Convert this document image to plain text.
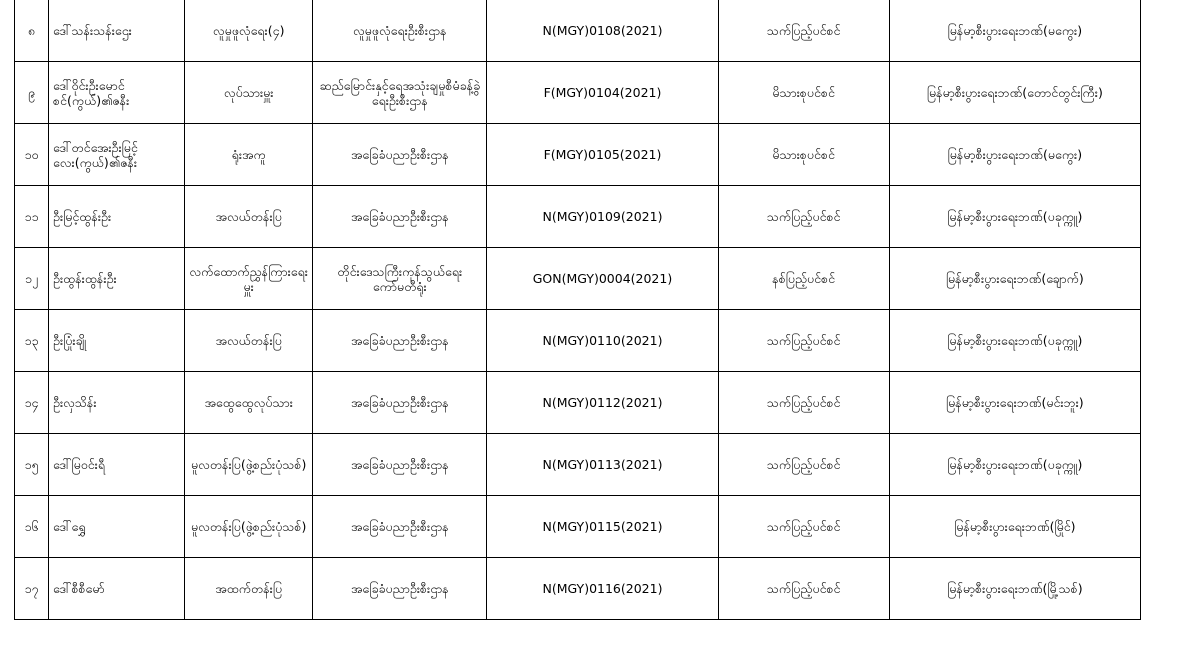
၈	ဒေါ်သန်းသန်းဌေး	လူမှုဖူလုံရေး(၄)	လူမှုဖူလုံရေးဦးစီးဌာန	N(MGY)0108(2021)	သက်ပြည့်ပင်စင်	မြန်မာ့စီးပွားရေးဘဏ်(မကွေး)
၉	ဒေါ်ဝိုင်းဦးမောင်စင်(ကွယ်)၏ဇနီး	လုပ်သားမှူး	ဆည်မြောင်းနှင့်ရေအသုံးချမှုစီမံခန့်ခွဲရေးဦးစီးဌာန	F(MGY)0104(2021)	မိသားစုပင်စင်	မြန်မာ့စီးပွားရေးဘဏ်(တောင်တွင်းကြီး)
၁၀	ဒေါ်တင်အေးဦးမြင့်လေး(ကွယ်)၏ဇနီး	ရုံးအကူ	အခြေခံပညာဦးစီးဌာန	F(MGY)0105(2021)	မိသားစုပင်စင်	မြန်မာ့စီးပွားရေးဘဏ်(မကွေး)
၁၁	ဦးမြင့်ထွန်းဦး	အလယ်တန်းပြ	အခြေခံပညာဦးစီးဌာန	N(MGY)0109(2021)	သက်ပြည့်ပင်စင်	မြန်မာ့စီးပွားရေးဘဏ်(ပခုက္ကူ)
၁၂	ဦးထွန်းထွန်းဦး	လက်ထောက်ညွှန်ကြားရေးမှူး	တိုင်းဒေသကြီးကုန်သွယ်ရေးကော်မတီရုံး	GON(MGY)0004(2021)	နစ်ပြည့်ပင်စင်	မြန်မာ့စီးပွားရေးဘဏ်(ချောက်)
၁၃	ဦးပြုံးချို	အလယ်တန်းပြ	အခြေခံပညာဦးစီးဌာန	N(MGY)0110(2021)	သက်ပြည့်ပင်စင်	မြန်မာ့စီးပွားရေးဘဏ်(ပခုက္ကူ)
၁၄	ဦးလှသိန်း	အထွေထွေလုပ်သား	အခြေခံပညာဦးစီးဌာန	N(MGY)0112(2021)	သက်ပြည့်ပင်စင်	မြန်မာ့စီးပွားရေးဘဏ်(မင်းဘူး)
၁၅	ဒေါ်မြဝင်းရီ	မူလတန်းပြ(ဖွဲ့စည်းပုံသစ်)	အခြေခံပညာဦးစီးဌာန	N(MGY)0113(2021)	သက်ပြည့်ပင်စင်	မြန်မာ့စီးပွားရေးဘဏ်(ပခုက္ကူ)
၁၆	ဒေါ်ရွှေ	မူလတန်းပြ(ဖွဲ့စည်းပုံသစ်)	အခြေခံပညာဦးစီးဌာန	N(MGY)0115(2021)	သက်ပြည့်ပင်စင်	မြန်မာ့စီးပွားရေးဘဏ်(မြိုင်)
၁၇	ဒေါ်စီစီမော်	အထက်တန်းပြ	အခြေခံပညာဦးစီးဌာန	N(MGY)0116(2021)	သက်ပြည့်ပင်စင်	မြန်မာ့စီးပွားရေးဘဏ်(မြို့သစ်)
